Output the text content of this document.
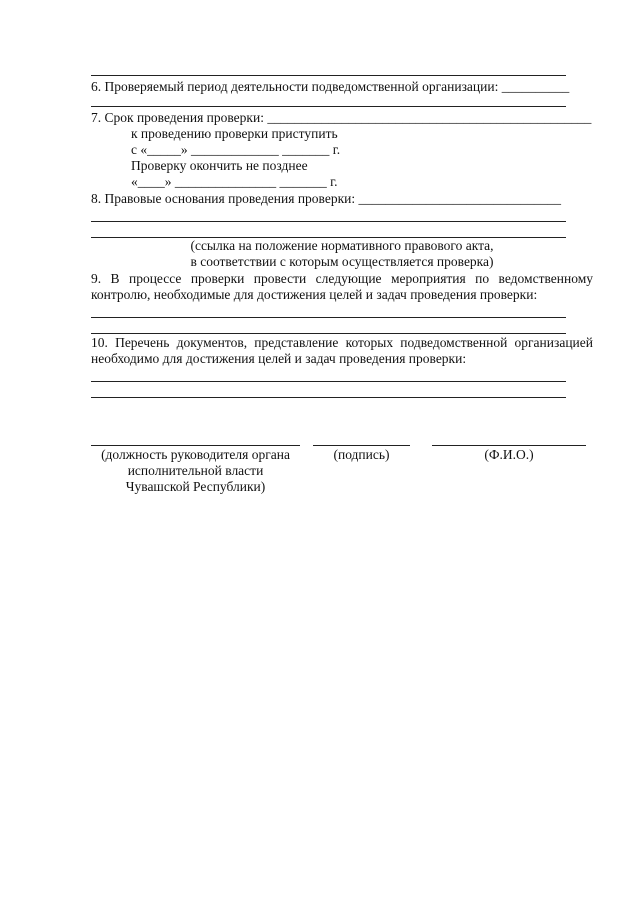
6. Проверяемый период деятельности подведомственной организации: __________
7. Срок проведения проверки: ________________________________________________
к проведению проверки приступить
с «_____» _____________ _______ г.
Проверку окончить не позднее
«____» _______________ _______ г.
8. Правовые основания проведения проверки: ______________________________
(ссылка на положение нормативного правового акта,
в соответствии с которым осуществляется проверка)
9. В процессе проверки провести следующие мероприятия по ведомственному
контролю, необходимые для достижения целей и задач проведения проверки:
10. Перечень документов, представление которых подведомственной организацией
необходимо для достижения целей и задач проведения проверки:
(должность руководителя органа
исполнительной власти
Чувашской Республики)
(подпись)	(Ф.И.О.)
